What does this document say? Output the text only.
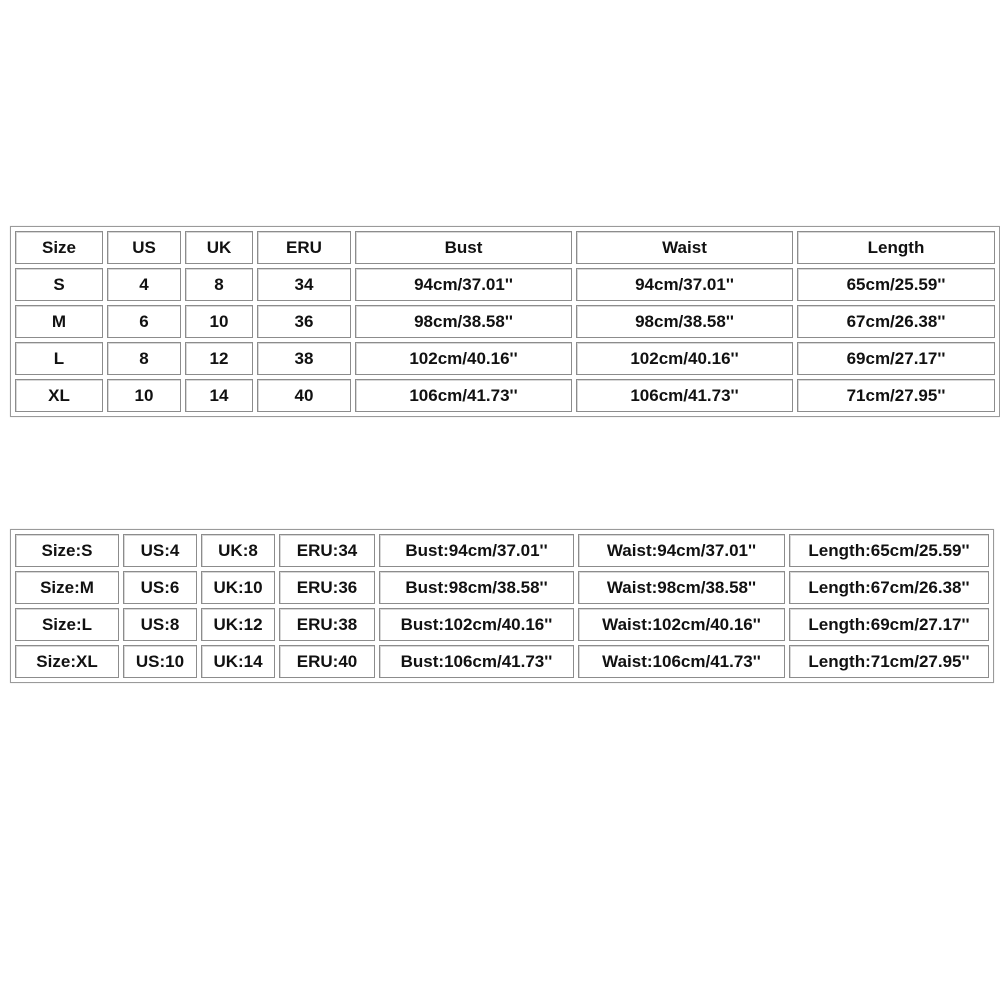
Size	US	UK	ERU	Bust	Waist	Length
S	4	8	34	94cm/37.01''	94cm/37.01''	65cm/25.59''
M	6	10	36	98cm/38.58''	98cm/38.58''	67cm/26.38''
L	8	12	38	102cm/40.16''	102cm/40.16''	69cm/27.17''
XL	10	14	40	106cm/41.73''	106cm/41.73''	71cm/27.95''
Size:S	US:4	UK:8	ERU:34	Bust:94cm/37.01''	Waist:94cm/37.01''	Length:65cm/25.59''
Size:M	US:6	UK:10	ERU:36	Bust:98cm/38.58''	Waist:98cm/38.58''	Length:67cm/26.38''
Size:L	US:8	UK:12	ERU:38	Bust:102cm/40.16''	Waist:102cm/40.16''	Length:69cm/27.17''
Size:XL	US:10	UK:14	ERU:40	Bust:106cm/41.73''	Waist:106cm/41.73''	Length:71cm/27.95''
